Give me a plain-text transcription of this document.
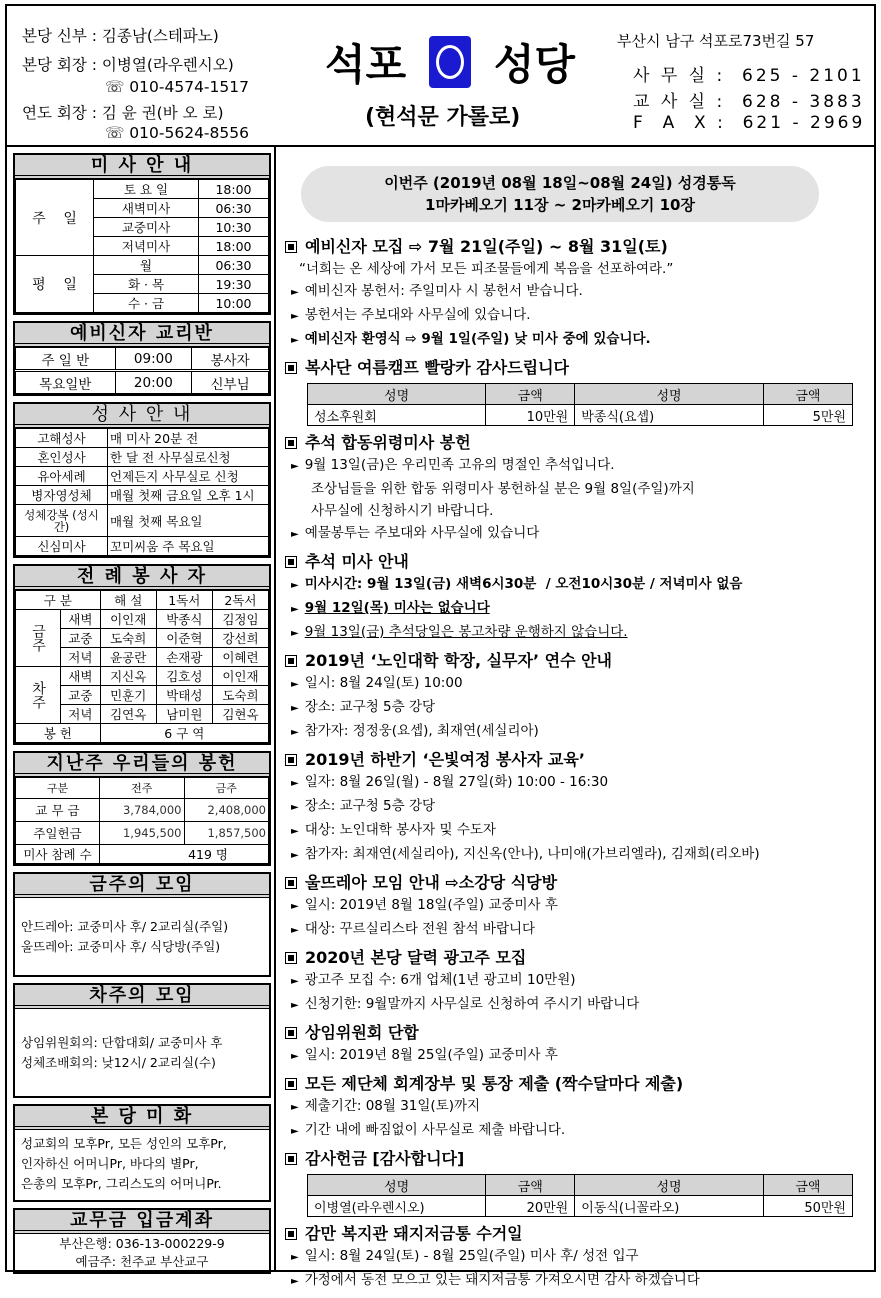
본당 신부 : 김종남(스테파노)
본당 회장 : 이병열(라우렌시오)
☏ 010-4574-1517
연도 회장 : 김 윤 권(바 오 로)
☏ 010-5624-8556
석포 성당
(현석문 가롤로)
부산시 남구 석포로73번길 57
사 무 실 :  625 - 2101
교 사 실 :  628 - 3883
F  A  X :  621 - 2969
미 사 안 내
주    일	토 요 일	18:00
	새벽미사	06:30
	교중미사	10:30
	저녁미사	18:00
평    일	월	06:30
	화 · 목	19:30
	수 · 금	10:00
예비신자 교리반
주 일 반	09:00	봉사자
목요일반	20:00	신부님
성 사 안 내
고해성사	매 미사 20분 전
혼인성사	한 달 전 사무실로신청
유아세례	언제든지 사무실로 신청
병자영성체	매월 첫째 금요일 오후 1시
성체강복 (성시간)	매월 첫째 목요일
신심미사	꼬미씨움 주 목요일
전 례 봉 사 자
구 분		해 설	1독서	2독서
금주	새벽	이인재	박종식	김정임
	교중	도숙희	이준혁	강선희
	저녁	윤공란	손재광	이혜련
차주	새벽	지신옥	김호성	이인재
	교중	민훈기	박태성	도숙희
	저녁	김연옥	남미원	김현옥
봉 헌		6 구 역		
지난주 우리들의 봉헌
구분	전주	금주
교 무 금	3,784,000	2,408,000
주일헌금	1,945,500	1,857,500
미사 참례 수	419 명	
금주의 모임
안드레아: 교중미사 후/ 2교리실(주일)
울뜨레아: 교중미사 후/ 식당방(주일)
차주의 모임
상임위원회의: 단합대회/ 교중미사 후
성체조배회의: 낮12시/ 2교리실(수)
본 당 미 화
성교회의 모후Pr, 모든 성인의 모후Pr,
인자하신 어머니Pr, 바다의 별Pr,
은총의 모후Pr, 그리스도의 어머니Pr.
교무금 입금계좌
부산은행: 036-13-000229-9
예금주: 천주교 부산교구
이번주 (2019년 08월 18일~08월 24일) 성경통독
1마카베오기 11장 ~ 2마카베오기 10장
예비신자 모집 ⇨ 7월 21일(주일) ~ 8월 31일(토)
“너희는 온 세상에 가서 모든 피조물들에게 복음을 선포하여라.”
► 예비신자 봉헌서: 주일미사 시 봉헌서 받습니다.
► 봉헌서는 주보대와 사무실에 있습니다.
► 예비신자 환영식 ⇨ 9월 1일(주일) 낮 미사 중에 있습니다.
복사단 여름캠프 빨랑카 감사드립니다
성명	금액	성명	금액
성소후원회	10만원	박종식(요셉)	5만원
추석 합동위령미사 봉헌
► 9월 13일(금)은 우리민족 고유의 명절인 추석입니다.
조상님들을 위한 합동 위령미사 봉헌하실 분은 9월 8일(주일)까지
사무실에 신청하시기 바랍니다.
► 예물봉투는 주보대와 사무실에 있습니다
추석 미사 안내
► 미사시간: 9월 13일(금) 새벽6시30분  / 오전10시30분 / 저녁미사 없음
► 9월 12일(목) 미사는 없습니다
► 9월 13일(금) 추석당일은 봉고차량 운행하지 않습니다.
2019년 ‘노인대학 학장, 실무자’ 연수 안내
► 일시: 8월 24일(토) 10:00
► 장소: 교구청 5층 강당
► 참가자: 정정웅(요셉), 최재연(세실리아)
2019년 하반기 ‘은빛여정 봉사자 교육’
► 일자: 8월 26일(월) - 8월 27일(화) 10:00 - 16:30
► 장소: 교구청 5층 강당
► 대상: 노인대학 봉사자 및 수도자
► 참가자: 최재연(세실리아), 지신옥(안나), 나미애(가브리엘라), 김재희(리오바)
울뜨레아 모임 안내 ⇨소강당 식당방
► 일시: 2019년 8월 18일(주일) 교중미사 후
► 대상: 꾸르실리스타 전원 참석 바랍니다
2020년 본당 달력 광고주 모집
► 광고주 모집 수: 6개 업체(1년 광고비 10만원)
► 신청기한: 9월말까지 사무실로 신청하여 주시기 바랍니다
상임위원회 단합
► 일시: 2019년 8월 25일(주일) 교중미사 후
모든 제단체 회계장부 및 통장 제출 (짝수달마다 제출)
► 제출기간: 08월 31일(토)까지
► 기간 내에 빠짐없이 사무실로 제출 바랍니다.
감사헌금 [감사합니다]
성명	금액	성명	금액
이병열(라우렌시오)	20만원	이동식(니꼴라오)	50만원
감만 복지관 돼지저금통 수거일
► 일시: 8월 24일(토) - 8월 25일(주일) 미사 후/ 성전 입구
► 가정에서 동전 모으고 있는 돼지저금통 가져오시면 감사 하겠습니다
